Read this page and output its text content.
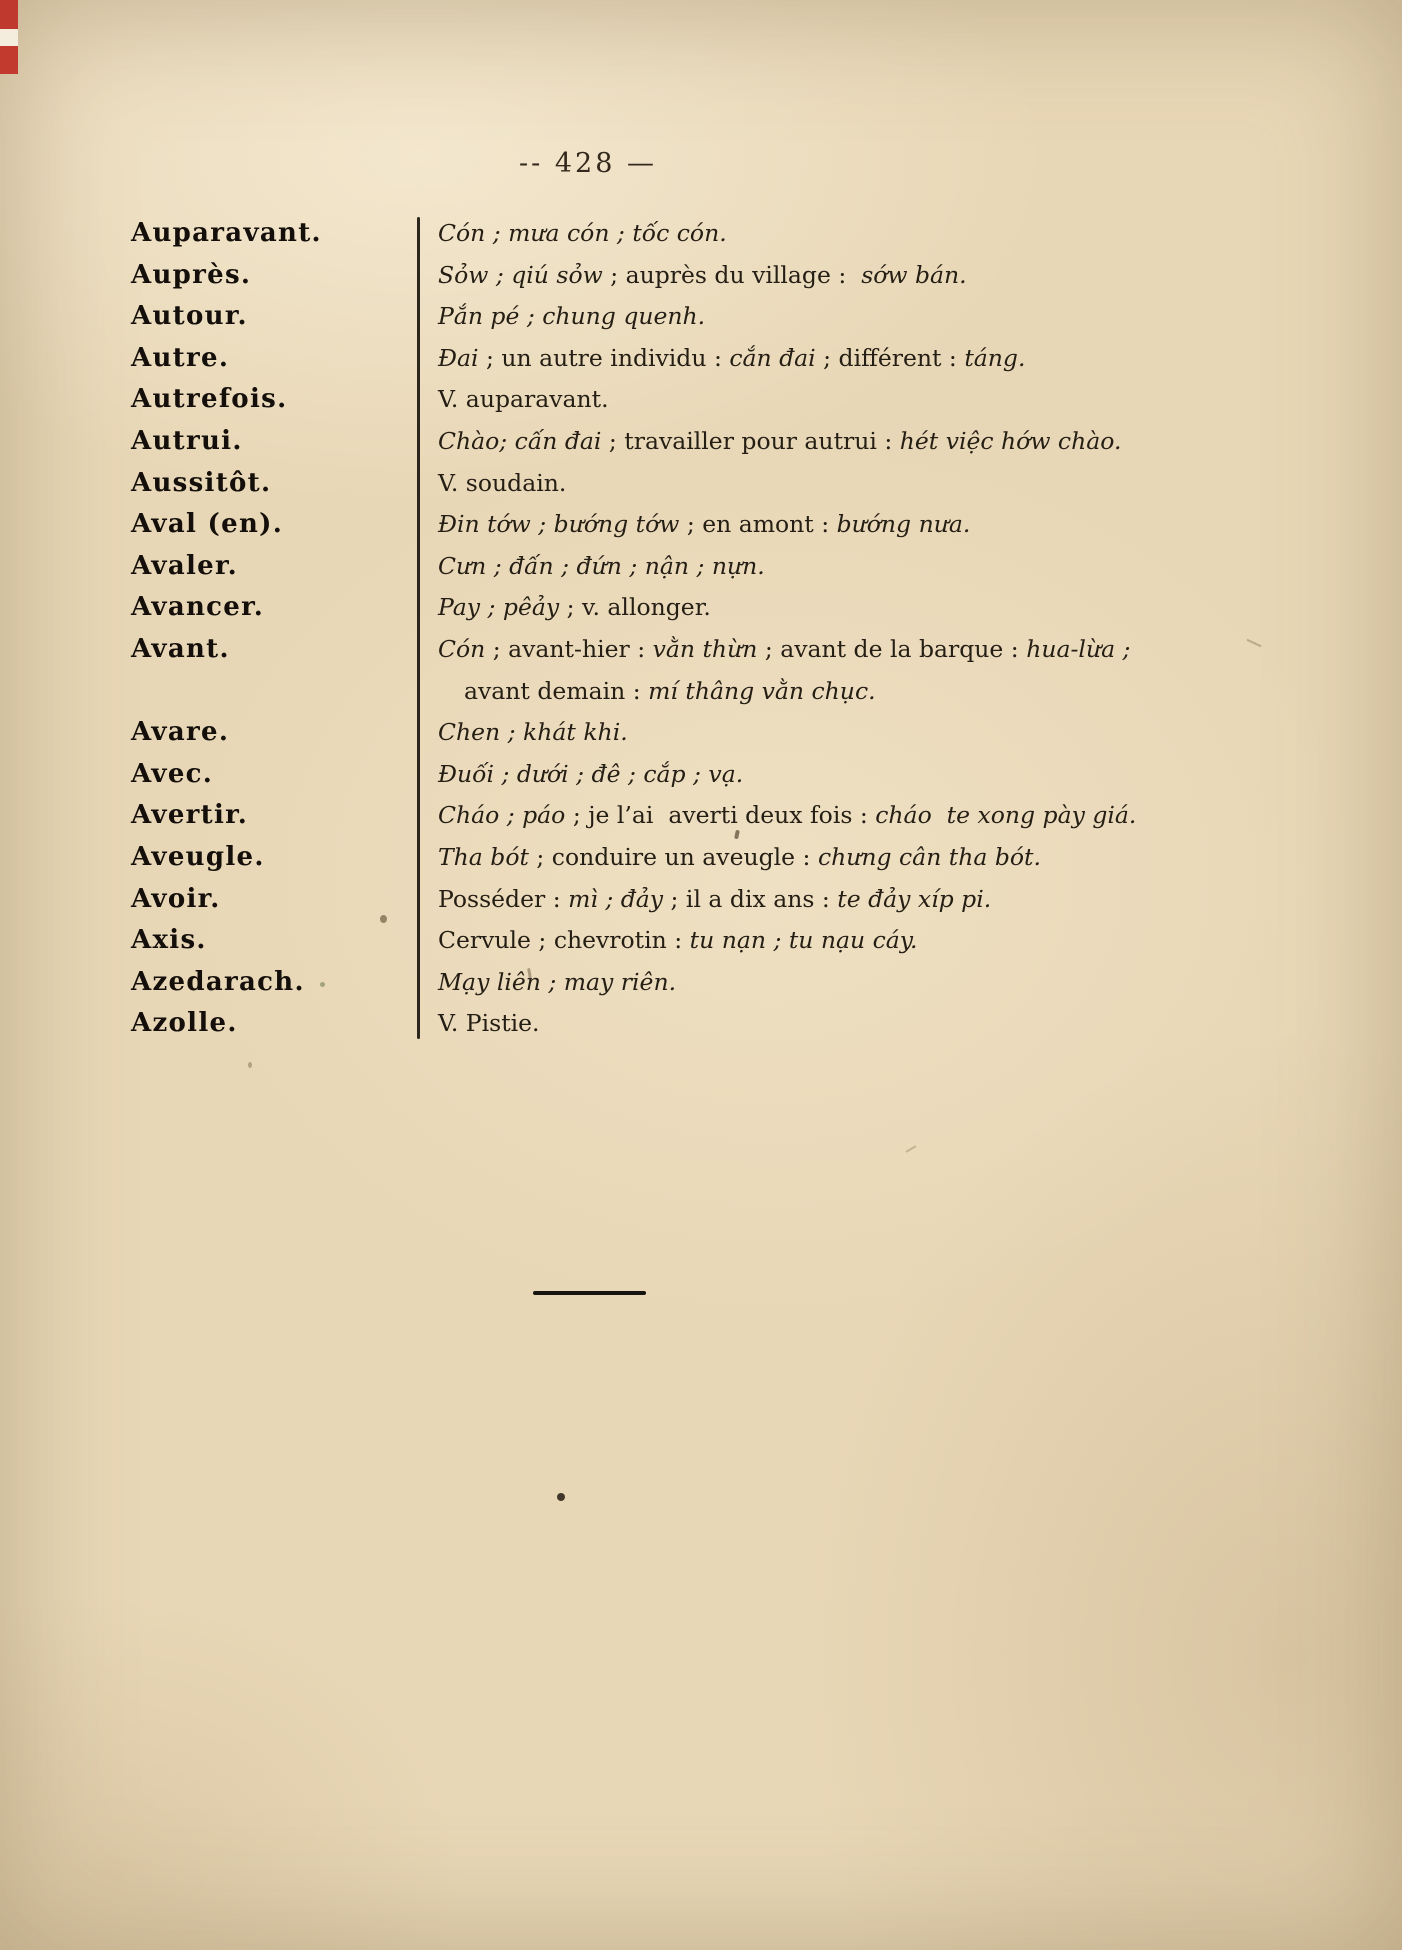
-- 428 —
Auparavant.	Cón ; mưa cón ; tốc cón.
Auprès.	Sỏw ; qiú sỏw ; auprès du village :  sớw bán.
Autour.	Pắn pé ; chung quenh.
Autre.	Đai ; un autre individu : cắn đai ; différent : táng.
Autrefois.	V. auparavant.
Autrui.	Chào; cấn đai ; travailler pour autrui : hét việc hớw chào.
Aussitôt.	V. soudain.
Aval (en).	Đin tớw ; bướng tớw ; en amont : bướng nưa.
Avaler.	Cưn ; đấn ; đứn ; nận ; nựn.
Avancer.	Pay ; pêảy ; v. allonger.
Avant.	Cón ; avant-hier : vằn thừn ; avant de la barque : hua-lừa ;
avant demain : mí thâng vằn chục.
Avare.	Chen ; khát khi.
Avec.	Đuối ; dưới ; đê ; cắp ; vạ.
Avertir.	Cháo ; páo ; je l’ai  averti deux fois : cháo  te xong pày giá.
Aveugle.	Tha bót ; conduire un aveugle : chưng cân tha bót.
Avoir.	Posséder : mì ; đảy ; il a dix ans : te đảy xíp pi.
Axis.	Cervule ; chevrotin : tu nạn ; tu nạu cáy.
Azedarach.	Mạy liên ; may riên.
Azolle.	V. Pistie.
